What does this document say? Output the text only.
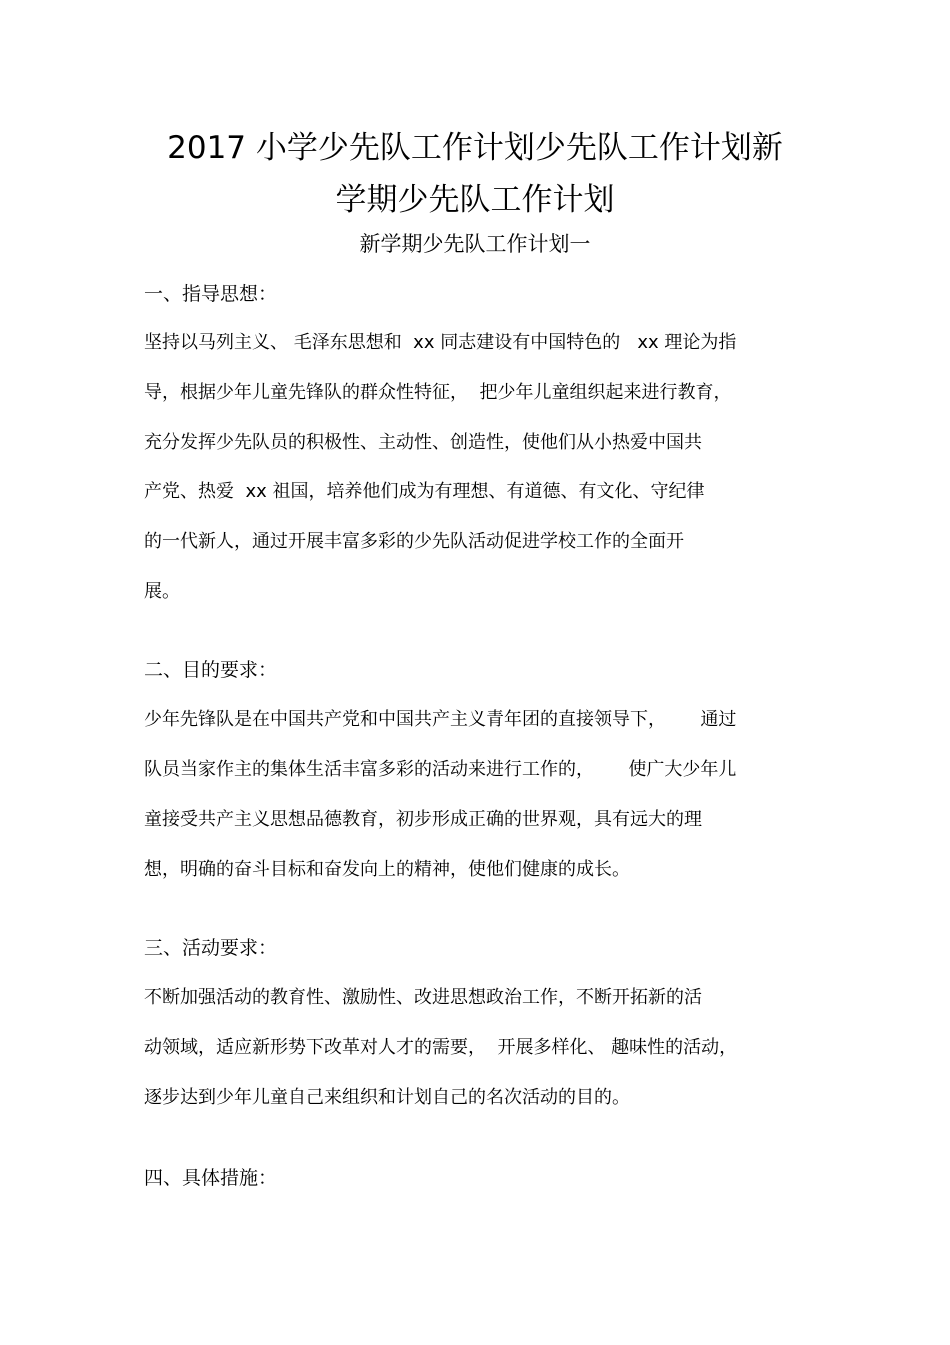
2017 小学少先队工作计划少先队工作计划新
学期少先队工作计划
新学期少先队工作计划一
一、指导思想：
坚持以马列主义、 毛泽东思想和  xx 同志建设有中国特色的   xx 理论为指
导，根据少年儿童先锋队的群众性特征，  把少年儿童组织起来进行教育，
充分发挥少先队员的积极性、主动性、创造性，使他们从小热爱中国共
产党、热爱  xx 祖国，培养他们成为有理想、有道德、有文化、守纪律
的一代新人，通过开展丰富多彩的少先队活动促进学校工作的全面开
展。
二、目的要求：
少年先锋队是在中国共产党和中国共产主义青年团的直接领导下，      通过
队员当家作主的集体生活丰富多彩的活动来进行工作的，      使广大少年儿
童接受共产主义思想品德教育，初步形成正确的世界观，具有远大的理
想，明确的奋斗目标和奋发向上的精神，使他们健康的成长。
三、活动要求：
不断加强活动的教育性、激励性、改进思想政治工作，不断开拓新的活
动领域，适应新形势下改革对人才的需要，  开展多样化、 趣味性的活动，
逐步达到少年儿童自己来组织和计划自己的名次活动的目的。
四、具体措施：
